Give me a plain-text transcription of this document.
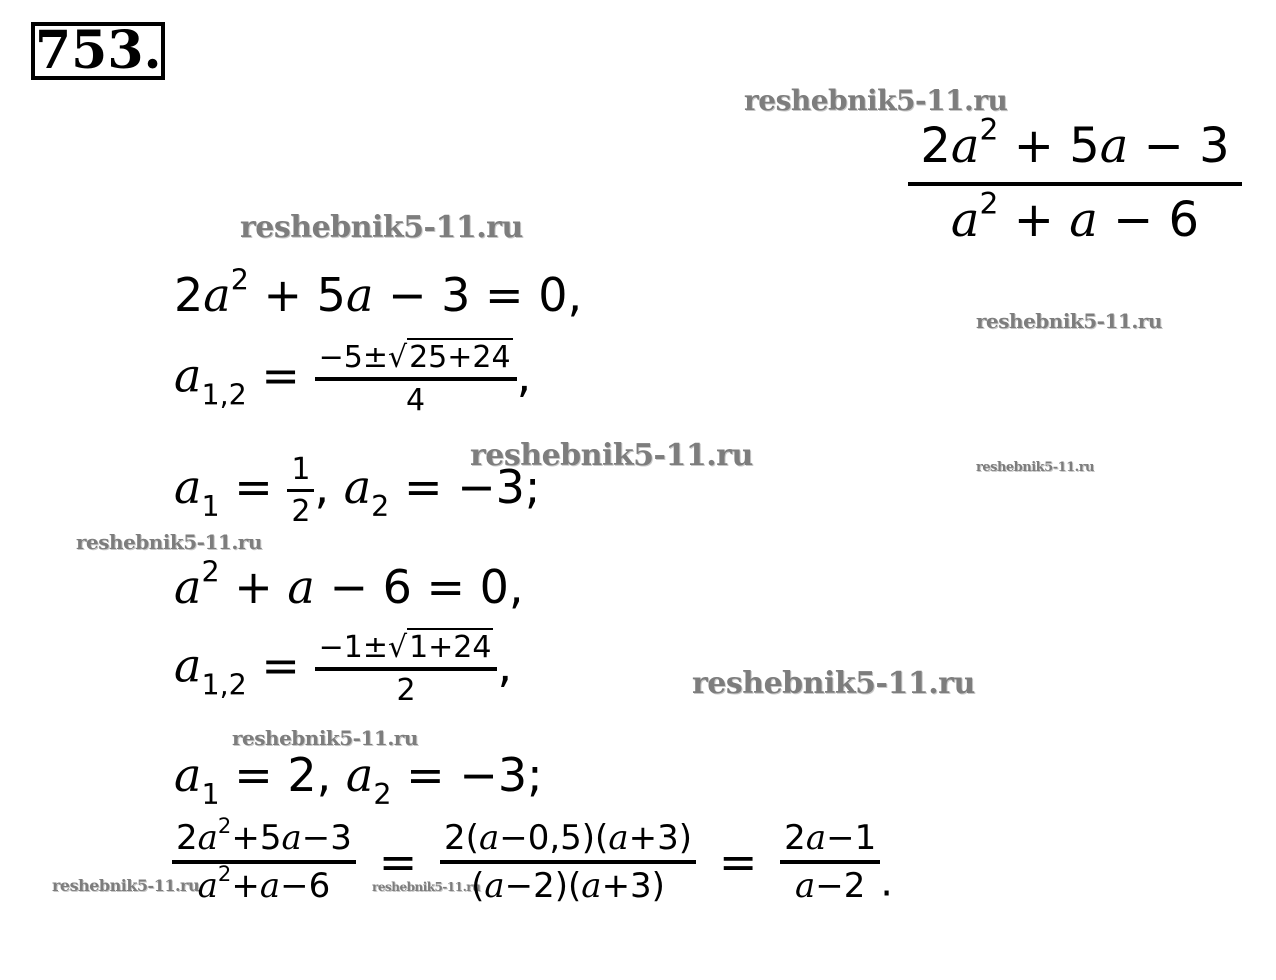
753.
reshebnik5-11.ru
reshebnik5-11.ru
reshebnik5-11.ru
reshebnik5-11.ru	reshebnik5-11.ru
reshebnik5-11.ru
reshebnik5-11.ru
reshebnik5-11.ru
reshebnik5-11.ru	reshebnik5-11.ru
$\frac{2a^2 + 5a - 3}{a^2 + a - 6}$
$2a^2 + 5a - 3 = 0$,
$a_{1,2} = \frac{-5\pm√25+24}{4}$ ,
$a_1 = \frac{1}{2}$ , $a_2 = -3$;
$a^2 + a - 6 = 0$,
$a_{1,2} = \frac{-1\pm√1+24}{2}$ ,
$a_1 = 2$, $a_2 = -3$;
$\frac{2a^2+5a-3}{a^2+a-6} = \frac{2(a-0,5)(a+3)}{(a-2)(a+3)} = \frac{2a-1}{a-2}$ .
